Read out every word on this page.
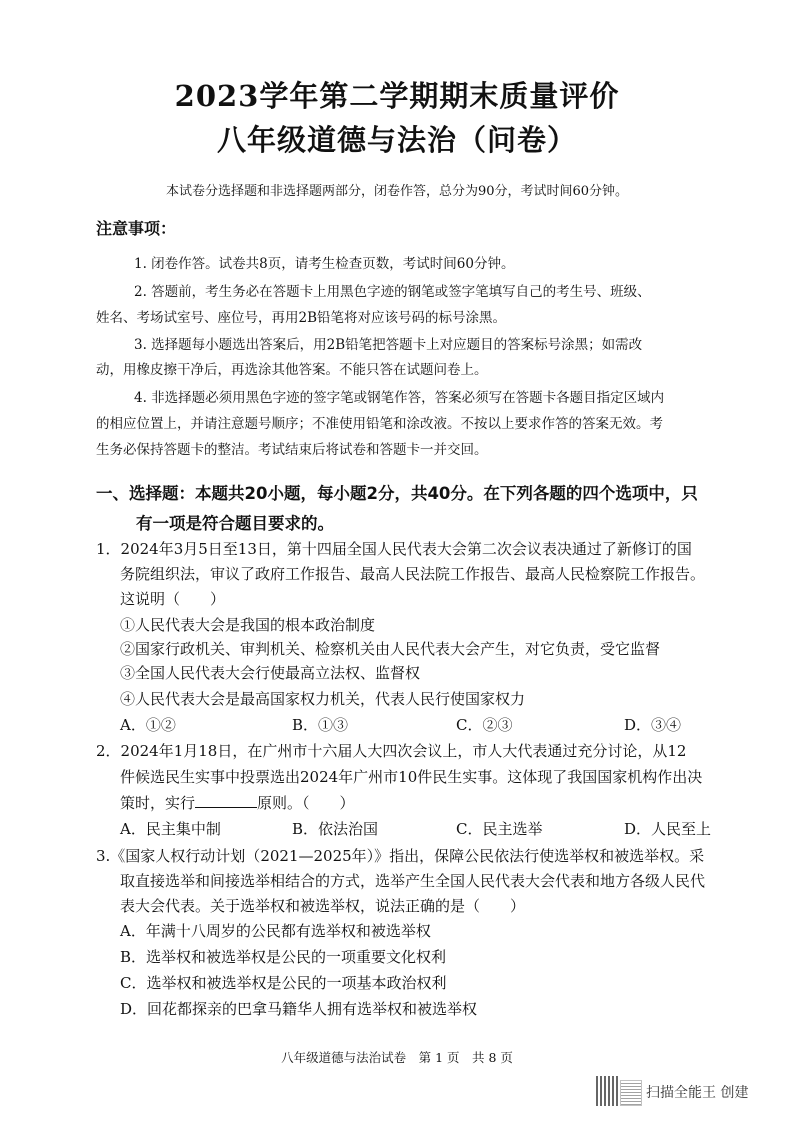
2023学年第二学期期末质量评价
八年级道德与法治（问卷）
本试卷分选择题和非选择题两部分，闭卷作答，总分为90分，考试时间60分钟。
注意事项：
1. 闭卷作答。试卷共8页，请考生检查页数，考试时间60分钟。
2. 答题前，考生务必在答题卡上用黑色字迹的钢笔或签字笔填写自己的考生号、班级、
姓名、考场试室号、座位号，再用2B铅笔将对应该号码的标号涂黑。
3. 选择题每小题选出答案后，用2B铅笔把答题卡上对应题目的答案标号涂黑；如需改
动，用橡皮擦干净后，再选涂其他答案。不能只答在试题问卷上。
4. 非选择题必须用黑色字迹的签字笔或钢笔作答，答案必须写在答题卡各题目指定区域内
的相应位置上，并请注意题号顺序；不准使用铅笔和涂改液。不按以上要求作答的答案无效。考
生务必保持答题卡的整洁。考试结束后将试卷和答题卡一并交回。
一、选择题：本题共20小题，每小题2分，共40分。在下列各题的四个选项中，只
有一项是符合题目要求的。
1．2024年3月5日至13日，第十四届全国人民代表大会第二次会议表决通过了新修订的国
务院组织法，审议了政府工作报告、最高人民法院工作报告、最高人民检察院工作报告。
这说明（　　）
①人民代表大会是我国的根本政治制度
②国家行政机关、审判机关、检察机关由人民代表大会产生，对它负责，受它监督
③全国人民代表大会行使最高立法权、监督权
④人民代表大会是最高国家权力机关，代表人民行使国家权力
A．①②	B．①③	C．②③	D．③④
2．2024年1月18日，在广州市十六届人大四次会议上，市人大代表通过充分讨论，从12
件候选民生实事中投票选出2024年广州市10件民生实事。这体现了我国国家机构作出决
策时，实行	原则。（　　）
A．民主集中制	B．依法治国	C．民主选举	D．人民至上
3.《国家人权行动计划（2021—2025年）》指出，保障公民依法行使选举权和被选举权。采
取直接选举和间接选举相结合的方式，选举产生全国人民代表大会代表和地方各级人民代
表大会代表。关于选举权和被选举权，说法正确的是（　　）
A．年满十八周岁的公民都有选举权和被选举权
B．选举权和被选举权是公民的一项重要文化权利
C．选举权和被选举权是公民的一项基本政治权利
D．回花都探亲的巴拿马籍华人拥有选举权和被选举权
八年级道德与法治试卷　第 1 页　共 8 页
扫描全能王 创建
